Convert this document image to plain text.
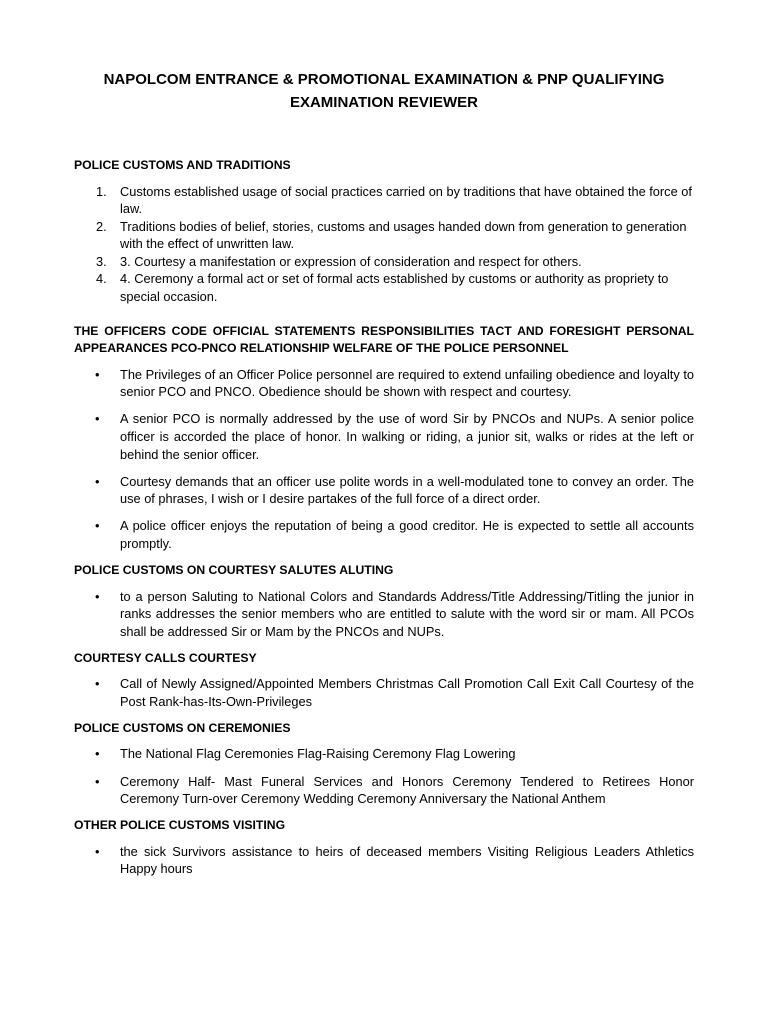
NAPOLCOM ENTRANCE & PROMOTIONAL EXAMINATION & PNP QUALIFYING
EXAMINATION REVIEWER
POLICE CUSTOMS AND TRADITIONS
1. Customs established usage of social practices carried on by traditions that have obtained the force of law.
2. Traditions bodies of belief, stories, customs and usages handed down from generation to generation with the effect of unwritten law.
3. 3. Courtesy a manifestation or expression of consideration and respect for others.
4. 4. Ceremony a formal act or set of formal acts established by customs or authority as propriety to special occasion.
THE OFFICERS CODE OFFICIAL STATEMENTS RESPONSIBILITIES TACT AND FORESIGHT PERSONAL APPEARANCES PCO-PNCO RELATIONSHIP WELFARE OF THE POLICE PERSONNEL
• The Privileges of an Officer Police personnel are required to extend unfailing obedience and loyalty to senior PCO and PNCO. Obedience should be shown with respect and courtesy.
• A senior PCO is normally addressed by the use of word Sir by PNCOs and NUPs. A senior police officer is accorded the place of honor. In walking or riding, a junior sit, walks or rides at the left or behind the senior officer.
• Courtesy demands that an officer use polite words in a well-modulated tone to convey an order. The use of phrases, I wish or I desire partakes of the full force of a direct order.
• A police officer enjoys the reputation of being a good creditor. He is expected to settle all accounts promptly.
POLICE CUSTOMS ON COURTESY SALUTES ALUTING
• to a person Saluting to National Colors and Standards Address/Title Addressing/Titling the junior in ranks addresses the senior members who are entitled to salute with the word sir or mam. All PCOs shall be addressed Sir or Mam by the PNCOs and NUPs.
COURTESY CALLS COURTESY
• Call of Newly Assigned/Appointed Members Christmas Call Promotion Call Exit Call Courtesy of the Post Rank-has-Its-Own-Privileges
POLICE CUSTOMS ON CEREMONIES
• The National Flag Ceremonies Flag-Raising Ceremony Flag Lowering
• Ceremony Half- Mast Funeral Services and Honors Ceremony Tendered to Retirees Honor Ceremony Turn-over Ceremony Wedding Ceremony Anniversary the National Anthem
OTHER POLICE CUSTOMS VISITING
• the sick Survivors assistance to heirs of deceased members Visiting Religious Leaders Athletics Happy hours
